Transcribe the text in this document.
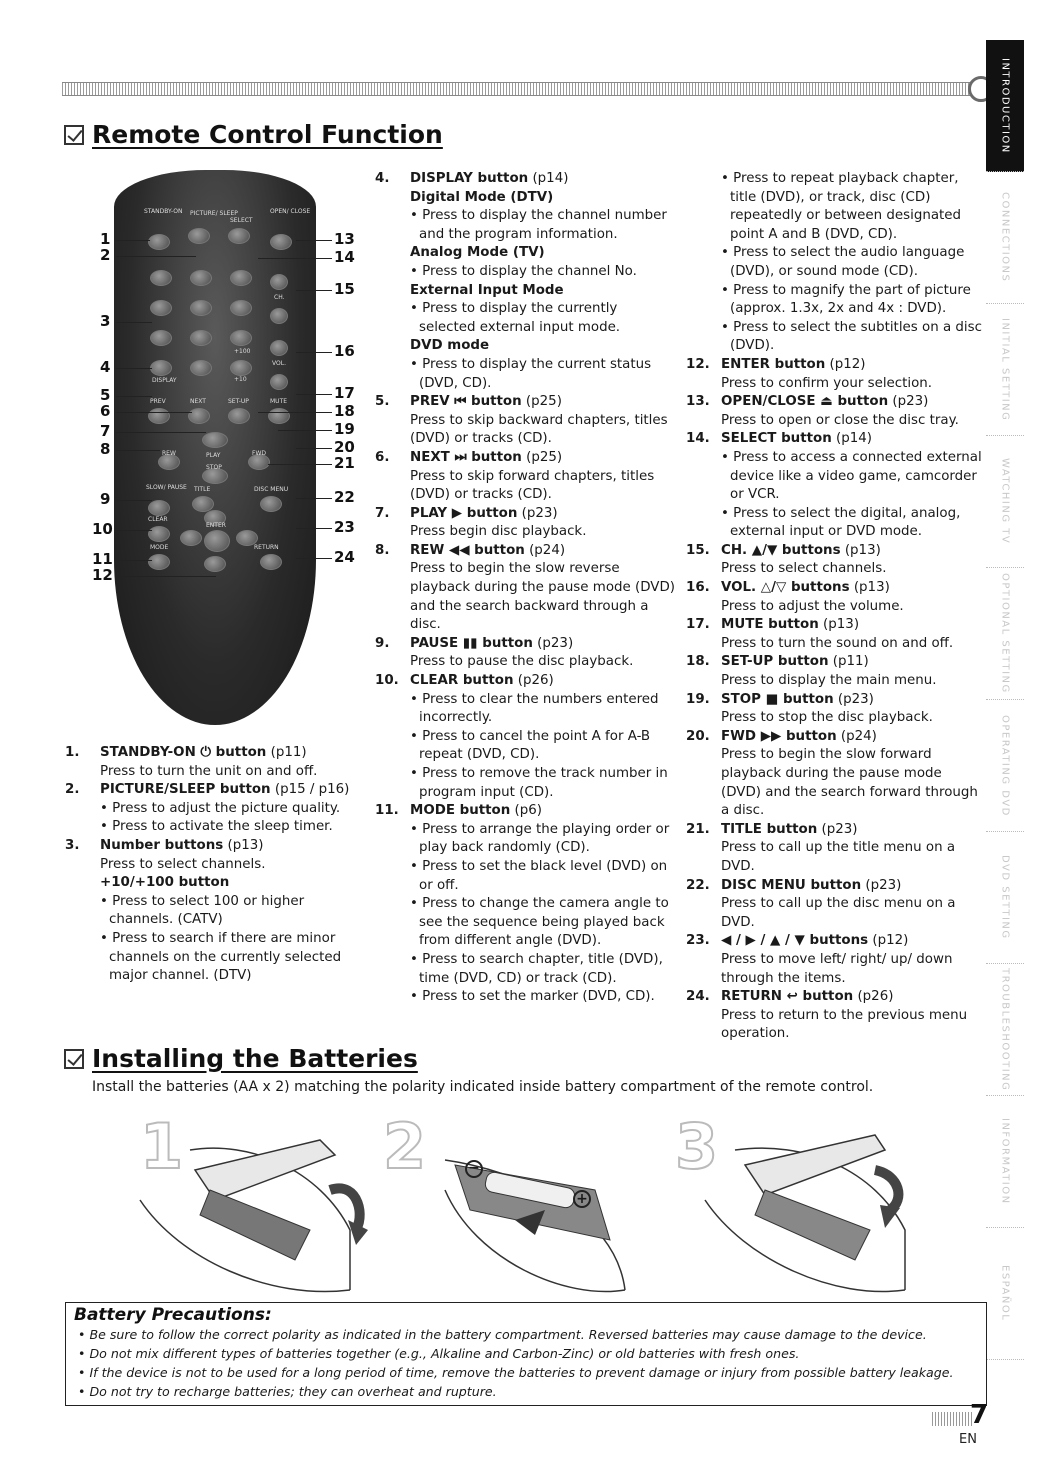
INTRODUCTION
CONNECTIONS
INITIAL SETTING
WATCHING TV
OPTIONAL SETTING
OPERATING DVD
DVD SETTING
TROUBLESHOOTING
INFORMATION
ESPAÑOL
Remote Control Function
STANDBY-ON PICTURE/ SLEEP
SELECT
OPEN/ CLOSE
DISPLAY
+100
+10
CH.
VOL.
PREV	NEXT	SET-UP	MUTE
PLAY
REW	FWD
STOP
SLOW/ PAUSE TITLE	DISC MENU
CLEAR
ENTER
MODE	RETURN
1
2
3
4
5
6
7
8
9
10
11
12
13
14
15
16
17
18
19
20
21
22
23
24
1.	STANDBY-ON ⏻ button (p11)
Press to turn the unit on and off.
2.	PICTURE/SLEEP button (p15 / p16)
• Press to adjust the picture quality.
• Press to activate the sleep timer.
3.	Number buttons (p13)
Press to select channels.
+10/+100 button
• Press to select 100 or higher channels. (CATV)
• Press to search if there are minor channels on the currently selected major channel. (DTV)
4.	DISPLAY button (p14)
Digital Mode (DTV)
• Press to display the channel number and the program information.
Analog Mode (TV)
• Press to display the channel No.
External Input Mode
• Press to display the currently selected external input mode.
DVD mode
• Press to display the current status (DVD, CD).
5.	PREV ⏮ button (p25)
Press to skip backward chapters, titles (DVD) or tracks (CD).
6.	NEXT ⏭ button (p25)
Press to skip forward chapters, titles (DVD) or tracks (CD).
7.	PLAY ▶ button (p23)
Press begin disc playback.
8.	REW ◀◀ button (p24)
Press to begin the slow reverse playback during the pause mode (DVD) and the search backward through a disc.
9.	PAUSE ▮▮ button (p23)
Press to pause the disc playback.
10. CLEAR button (p26)
• Press to clear the numbers entered incorrectly.
• Press to cancel the point A for A-B repeat (DVD, CD).
• Press to remove the track number in program input (CD).
11. MODE button (p6)
• Press to arrange the playing order or play back randomly (CD).
• Press to set the black level (DVD) on or off.
• Press to change the camera angle to see the sequence being played back from different angle (DVD).
• Press to search chapter, title (DVD), time (DVD, CD) or track (CD).
• Press to set the marker (DVD, CD).
• Press to repeat playback chapter, title (DVD), or track, disc (CD) repeatedly or between designated point A and B (DVD, CD).
• Press to select the audio language (DVD), or sound mode (CD).
• Press to magnify the part of picture (approx. 1.3x, 2x and 4x : DVD).
• Press to select the subtitles on a disc (DVD).
12. ENTER button (p12)
Press to confirm your selection.
13. OPEN/CLOSE ⏏ button (p23)
Press to open or close the disc tray.
14. SELECT button (p14)
• Press to access a connected external device like a video game, camcorder or VCR.
• Press to select the digital, analog, external input or DVD mode.
15. CH. ▲/▼ buttons (p13)
Press to select channels.
16. VOL. △/▽ buttons (p13)
Press to adjust the volume.
17. MUTE button (p13)
Press to turn the sound on and off.
18. SET-UP button (p11)
Press to display the main menu.
19. STOP ■ button (p23)
Press to stop the disc playback.
20. FWD ▶▶ button (p24)
Press to begin the slow forward playback during the pause mode (DVD) and the search forward through a disc.
21. TITLE button (p23)
Press to call up the title menu on a DVD.
22. DISC MENU button (p23)
Press to call up the disc menu on a DVD.
23. ◀ / ▶ / ▲ / ▼ buttons (p12)
Press to move left/ right/ up/ down through the items.
24. RETURN ↩ button (p26)
Press to return to the previous menu operation.
Installing the Batteries
Install the batteries (AA x 2) matching the polarity indicated inside battery compartment of the remote control.
1	2	−
+
3
Battery Precautions:
• Be sure to follow the correct polarity as indicated in the battery compartment. Reversed batteries may cause damage to the device.
• Do not mix different types of batteries together (e.g., Alkaline and Carbon-Zinc) or old batteries with fresh ones.
• If the device is not to be used for a long period of time, remove the batteries to prevent damage or injury from possible battery leakage.
• Do not try to recharge batteries; they can overheat and rupture.
7
EN
